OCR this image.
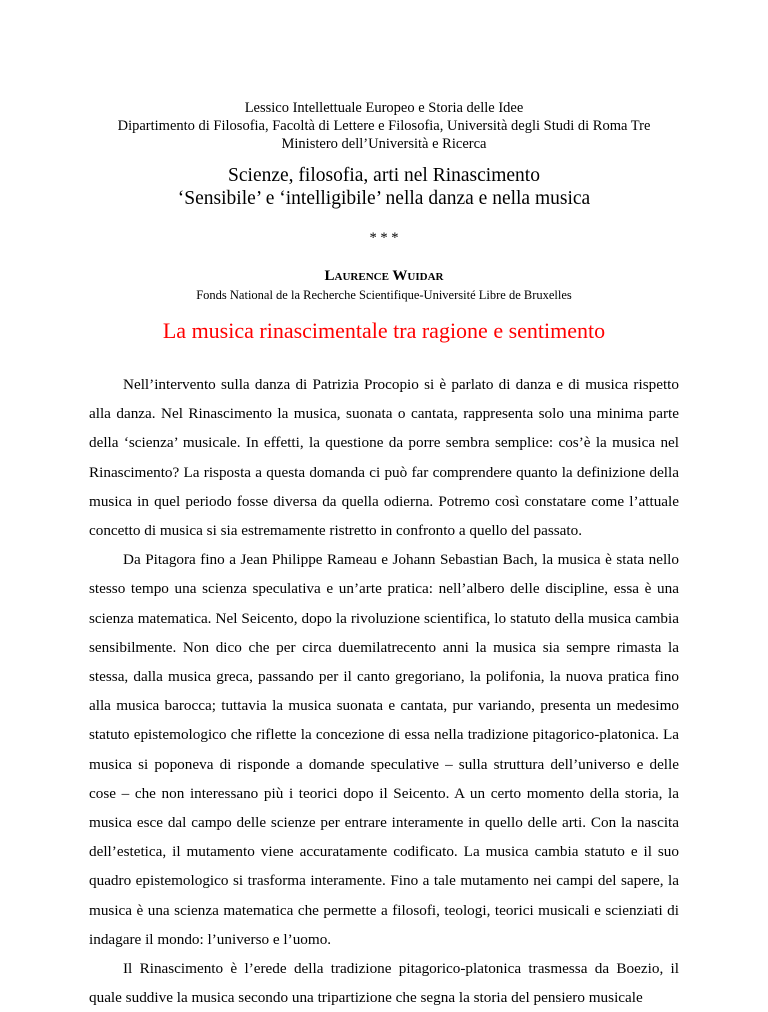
Lessico Intellettuale Europeo e Storia delle Idee
Dipartimento di Filosofia, Facoltà di Lettere e Filosofia, Università degli Studi di Roma Tre
Ministero dell’Università e Ricerca
Scienze, filosofia, arti nel Rinascimento
‘Sensibile’ e ‘intelligibile’ nella danza e nella musica
* * *
Laurence Wuidar
Fonds National de la Recherche Scientifique-Université Libre de Bruxelles
La musica rinascimentale tra ragione e sentimento

Nell’intervento sulla danza di Patrizia Procopio si è parlato di danza e di musica rispetto alla danza. Nel Rinascimento la musica, suonata o cantata, rappresenta solo una minima parte della ‘scienza’ musicale. In effetti, la questione da porre sembra semplice: cos’è la musica nel Rinascimento? La risposta a questa domanda ci può far comprendere quanto la definizione della musica in quel periodo fosse diversa da quella odierna. Potremo così constatare come l’attuale concetto di musica si sia estremamente ristretto in confronto a quello del passato.

Da Pitagora fino a Jean Philippe Rameau e Johann Sebastian Bach, la musica è stata nello stesso tempo una scienza speculativa e un’arte pratica: nell’albero delle discipline, essa è una scienza matematica. Nel Seicento, dopo la rivoluzione scientifica, lo statuto della musica cambia sensibilmente. Non dico che per circa duemilatrecento anni la musica sia sempre rimasta la stessa, dalla musica greca, passando per il canto gregoriano, la polifonia, la nuova pratica fino alla musica barocca; tuttavia la musica suonata e cantata, pur variando, presenta un medesimo statuto epistemologico che riflette la concezione di essa nella tradizione pitagorico-platonica. La musica si poponeva di risponde a domande speculative – sulla struttura dell’universo e delle cose – che non interessano più i teorici dopo il Seicento. A un certo momento della storia, la musica esce dal campo delle scienze per entrare interamente in quello delle arti. Con la nascita dell’estetica, il mutamento viene accuratamente codificato. La musica cambia statuto e il suo quadro epistemologico si trasforma interamente. Fino a tale mutamento nei campi del sapere, la musica è una scienza matematica che permette a filosofi, teologi, teorici musicali e scienziati di indagare il mondo: l’universo e l’uomo.

Il Rinascimento è l’erede della tradizione pitagorico-platonica trasmessa da Boezio, il quale suddive la musica secondo una tripartizione che segna la storia del pensiero musicale
